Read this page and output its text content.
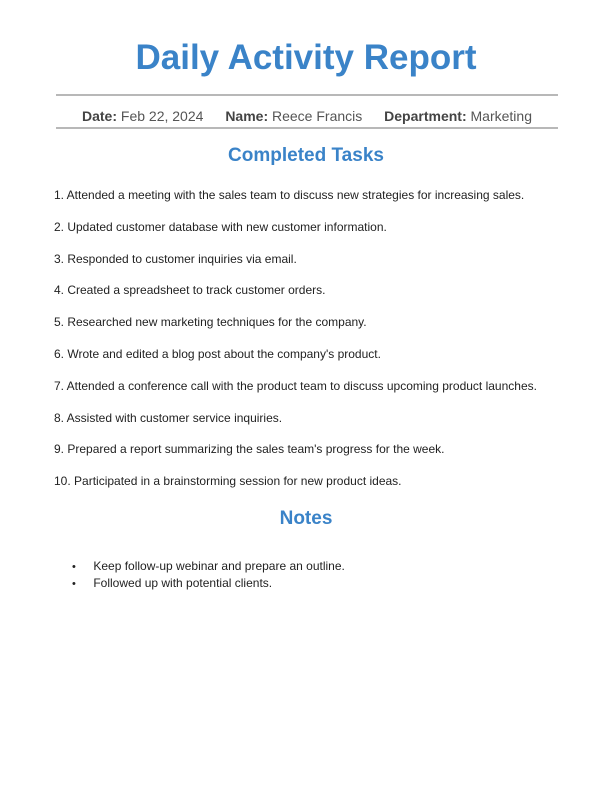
Daily Activity Report
Date: Feb 22, 2024 Name: Reece Francis Department: Marketing
Completed Tasks
1. Attended a meeting with the sales team to discuss new strategies for increasing sales.
2. Updated customer database with new customer information.
3. Responded to customer inquiries via email.
4. Created a spreadsheet to track customer orders.
5. Researched new marketing techniques for the company.
6. Wrote and edited a blog post about the company's product.
7. Attended a conference call with the product team to discuss upcoming product launches.
8. Assisted with customer service inquiries.
9. Prepared a report summarizing the sales team's progress for the week.
10. Participated in a brainstorming session for new product ideas.
Notes
• Keep follow-up webinar and prepare an outline.
• Followed up with potential clients.
